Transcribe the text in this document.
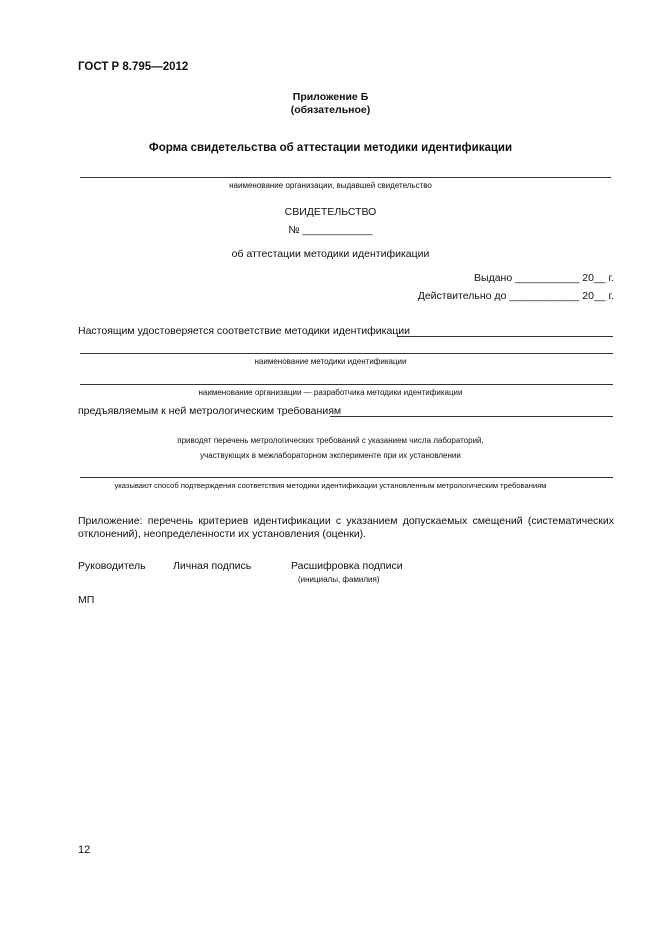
ГОСТ Р 8.795—2012
Приложение Б
(обязательное)
Форма свидетельства об аттестации методики идентификации
наименование организации, выдавшей свидетельство
СВИДЕТЕЛЬСТВО
№ ____________
об аттестации методики идентификации
Выдано ___________ 20__ г.
Действительно до ____________ 20__ г.
Настоящим удостоверяется соответствие методики идентификации
наименование методики идентификации
наименование организации — разработчика методики идентификации
предъявляемым к ней метрологическим требованиям
приводят перечень метрологических требований с указанием числа лабораторий,
участвующих в межлабораторном эксперименте при их установлении
указывают способ подтверждения соответствия методики идентификации установленным метрологическим требованиям
Приложение: перечень критериев идентификации с указанием допускаемых смещений (систематических отклонений), неопределенности их установления (оценки).
Руководитель	Личная подпись	Расшифровка подписи
(инициалы, фамилия)
МП
12
